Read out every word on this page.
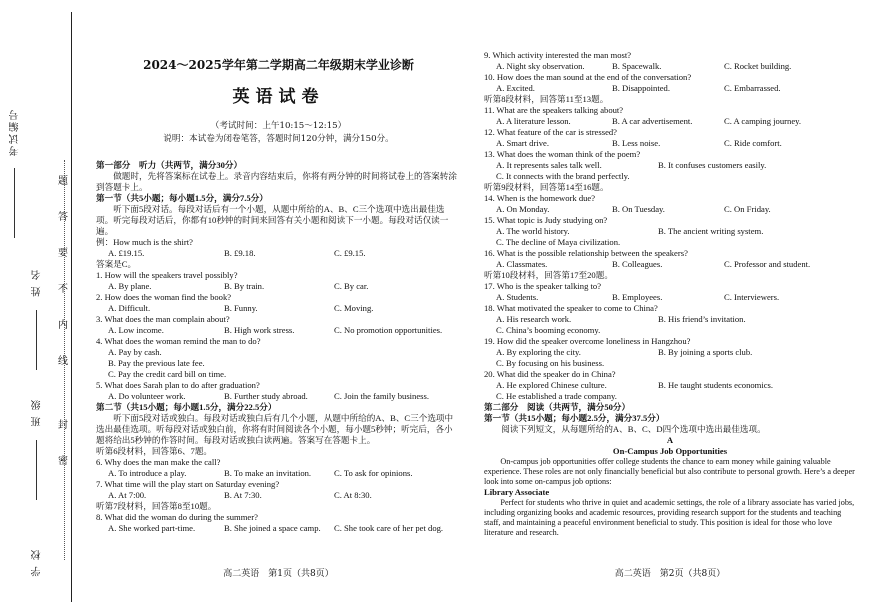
考试编号
姓 名
班 级
学 校
题
答
要
不
内
线
封
密
2024～2025学年第二学期高二年级期末学业诊断
英语试卷
（考试时间：上午10:15～12:15）
说明：本试卷为闭卷笔答，答题时间120分钟，满分150分。
第一部分　听力（共两节，满分30分）
做题时，先将答案标在试卷上。录音内容结束后，你将有两分钟的时间将试卷上的答案转涂到答题卡上。
第一节（共5小题；每小题1.5分，满分7.5分）
听下面5段对话。每段对话后有一个小题，从题中所给的A、B、C三个选项中选出最佳选项。听完每段对话后，你都有10秒钟的时间来回答有关小题和阅读下一小题。每段对话仅读一遍。
例：How much is the shirt?
A. £19.15.	B. £9.18.	C. £9.15.
答案是C。
1. How will the speakers travel possibly?
A. By plane.	B. By train.	C. By car.
2. How does the woman find the book?
A. Difficult.	B. Funny.	C. Moving.
3. What does the man complain about?
A. Low income.	B. High work stress.	C. No promotion opportunities.
4. What does the woman remind the man to do?
A. Pay by cash.
B. Pay the previous late fee.
C. Pay the credit card bill on time.
5. What does Sarah plan to do after graduation?
A. Do volunteer work.	B. Further study abroad.	C. Join the family business.
第二节（共15小题；每小题1.5分，满分22.5分）
听下面5段对话或独白。每段对话或独白后有几个小题，从题中所给的A、B、C三个选项中选出最佳选项。听每段对话或独白前，你将有时间阅读各个小题，每小题5秒钟；听完后，各小题将给出5秒钟的作答时间。每段对话或独白读两遍。答案写在答题卡上。
听第6段材料，回答第6、7题。
6. Why does the man make the call?
A. To introduce a play.	B. To make an invitation.	C. To ask for opinions.
7. What time will the play start on Saturday evening?
A. At 7:00.	B. At 7:30.	C. At 8:30.
听第7段材料，回答第8至10题。
8. What did the woman do during the summer?
A. She worked part-time.	B. She joined a space camp. C. She took care of her pet dog.
高二英语　第1页（共8页）
9. Which activity interested the man most?
A. Night sky observation.	B. Spacewalk.	C. Rocket building.
10. How does the man sound at the end of the conversation?
A. Excited.	B. Disappointed.	C. Embarrassed.
听第8段材料，回答第11至13题。
11. What are the speakers talking about?
A. A literature lesson.	B. A car advertisement.	C. A camping journey.
12. What feature of the car is stressed?
A. Smart drive.	B. Less noise.	C. Ride comfort.
13. What does the woman think of the poem?
A. It represents sales talk well.	B. It confuses customers easily.
C. It connects with the brand perfectly.
听第9段材料，回答第14至16题。
14. When is the homework due?
A. On Monday.	B. On Tuesday.	C. On Friday.
15. What topic is Judy studying on?
A. The world history.	B. The ancient writing system.
C. The decline of Maya civilization.
16. What is the possible relationship between the speakers?
A. Classmates.	B. Colleagues.	C. Professor and student.
听第10段材料，回答第17至20题。
17. Who is the speaker talking to?
A. Students.	B. Employees.	C. Interviewers.
18. What motivated the speaker to come to China?
A. His research work.	B. His friend’s invitation.
C. China’s booming economy.
19. How did the speaker overcome loneliness in Hangzhou?
A. By exploring the city.	B. By joining a sports club.
C. By focusing on his business.
20. What did the speaker do in China?
A. He explored Chinese culture.	B. He taught students economics.
C. He established a trade company.
第二部分　阅读（共两节，满分50分）
第一节（共15小题；每小题2.5分，满分37.5分）
阅读下列短文，从每题所给的A、B、C、D四个选项中选出最佳选项。
A
On-Campus Job Opportunities
On-campus job opportunities offer college students the chance to earn money while gaining valuable experience. These roles are not only financially beneficial but also contribute to personal growth. Here’s a deeper look into some on-campus job options:
Library Associate
Perfect for students who thrive in quiet and academic settings, the role of a library associate has varied jobs, including organizing books and academic resources, providing research support for the students and teaching staff, and maintaining a peaceful environment beneficial to study. This position is ideal for those who love literature and research.
高二英语　第2页（共8页）
